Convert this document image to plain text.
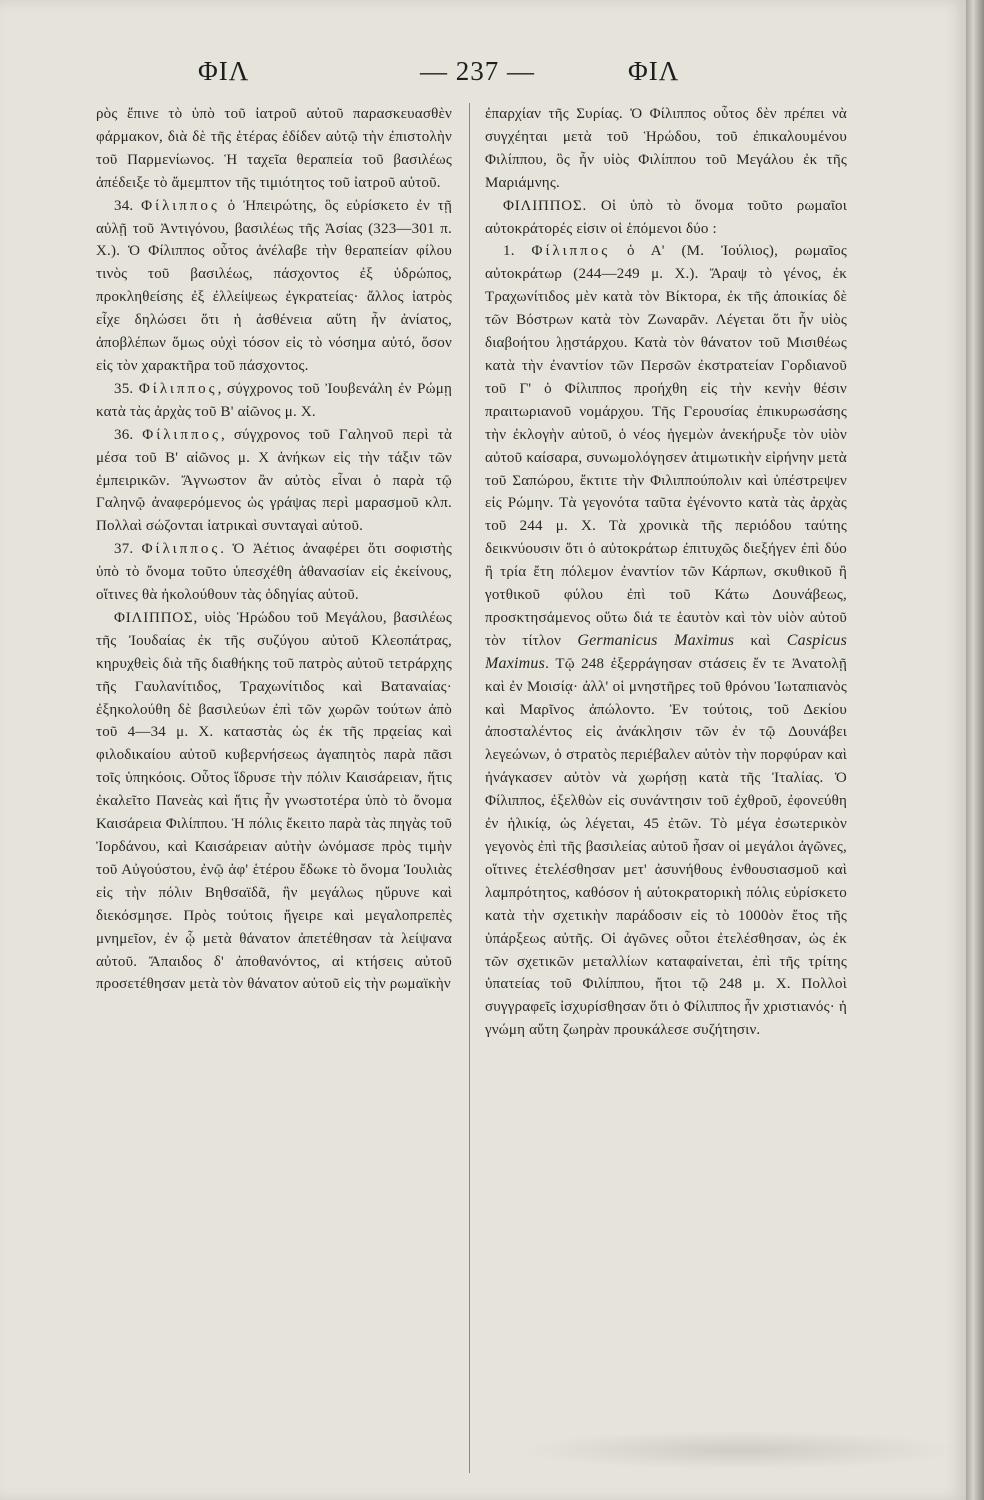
ΦΙΛ	— 237 —	ΦΙΛ

ρὸς ἔπινε τὸ ὑπὸ τοῦ ἰατροῦ αὐτοῦ παρασκευασθὲν φάρμακον, διὰ δὲ τῆς ἑτέρας ἐδίδεν αὐτῷ τὴν ἐπιστολὴν τοῦ Παρμενίωνος. Ἡ ταχεῖα θεραπεία τοῦ βασιλέως ἀπέδειξε τὸ ἄμεμπτον τῆς τιμιότητος τοῦ ἰατροῦ αὐτοῦ.

34. Φίλιππος ὁ Ἠπειρώτης, ὃς εὑρίσκετο ἐν τῇ αὐλῇ τοῦ Ἀντιγόνου, βασιλέως τῆς Ἀσίας (323—301 π. Χ.). Ὁ Φίλιππος οὗτος ἀνέλαβε τὴν θεραπείαν φίλου τινὸς τοῦ βασιλέως, πάσχοντος ἐξ ὑδρώπος, προκληθείσης ἐξ ἐλλείψεως ἐγκρατείας· ἄλλος ἰατρὸς εἶχε δηλώσει ὅτι ἡ ἀσθένεια αὕτη ἦν ἀνίατος, ἀποβλέπων ὅμως οὐχὶ τόσον εἰς τὸ νόσημα αὐτό, ὅσον εἰς τὸν χαρακτῆρα τοῦ πάσχοντος.

35. Φίλιππος, σύγχρονος τοῦ Ἰουβενάλη ἐν Ρώμῃ κατὰ τὰς ἀρχὰς τοῦ Β' αἰῶνος μ. Χ.

36. Φίλιππος, σύγχρονος τοῦ Γαληνοῦ περὶ τὰ μέσα τοῦ Β' αἰῶνος μ. Χ ἀνήκων εἰς τὴν τάξιν τῶν ἐμπειρικῶν. Ἄγνωστον ἂν αὐτὸς εἶναι ὁ παρὰ τῷ Γαληνῷ ἀναφερόμενος ὡς γράψας περὶ μαρασμοῦ κλπ. Πολλαὶ σώζονται ἰατρικαὶ συνταγαὶ αὐτοῦ.

37. Φίλιππος. Ὁ Ἀέτιος ἀναφέρει ὅτι σοφιστὴς ὑπὸ τὸ ὄνομα τοῦτο ὑπεσχέθη ἀθανασίαν εἰς ἐκείνους, οἵτινες θὰ ἠκολούθουν τὰς ὁδηγίας αὐτοῦ.

ΦΙΛΙΠΠΟΣ, υἱὸς Ἡρώδου τοῦ Μεγάλου, βασιλέως τῆς Ἰουδαίας ἐκ τῆς συζύγου αὐτοῦ Κλεοπάτρας, κηρυχθεὶς διὰ τῆς διαθήκης τοῦ πατρὸς αὐτοῦ τετράρχης τῆς Γαυλανίτιδος, Τραχωνίτιδος καὶ Βαταναίας· ἐξηκολούθη δὲ βασιλεύων ἐπὶ τῶν χωρῶν τούτων ἀπὸ τοῦ 4—34 μ. Χ. καταστὰς ὡς ἐκ τῆς πρᾳείας καὶ φιλοδικαίου αὐτοῦ κυβερνήσεως ἀγαπητὸς παρὰ πᾶσι τοῖς ὑπηκόοις. Οὗτος ἵδρυσε τὴν πόλιν Καισάρειαν, ἥτις ἐκαλεῖτο Πανεὰς καὶ ἥτις ἦν γνωστοτέρα ὑπὸ τὸ ὄνομα Καισάρεια Φιλίππου. Ἡ πόλις ἔκειτο παρὰ τὰς πηγὰς τοῦ Ἰορδάνου, καὶ Καισάρειαν αὐτὴν ὠνόμασε πρὸς τιμὴν τοῦ Αὐγούστου, ἐνῷ ἀφ' ἑτέρου ἔδωκε τὸ ὄνομα Ἰουλιὰς εἰς τὴν πόλιν Βηθσαϊδᾶ, ἣν μεγάλως ηὔρυνε καὶ διεκόσμησε. Πρὸς τούτοις ἤγειρε καὶ μεγαλοπρεπὲς μνημεῖον, ἐν ᾧ μετὰ θάνατον ἀπετέθησαν τὰ λείψανα αὐτοῦ. Ἄπαιδος δ' ἀποθανόντος, αἱ κτήσεις αὐτοῦ προσετέθησαν μετὰ τὸν θάνατον αὐτοῦ εἰς τὴν ρωμαϊκὴν

ἐπαρχίαν τῆς Συρίας. Ὁ Φίλιππος οὗτος δὲν πρέπει νὰ συγχέηται μετὰ τοῦ Ἡρώδου, τοῦ ἐπικαλουμένου Φιλίππου, ὃς ἦν υἱὸς Φιλίππου τοῦ Μεγάλου ἐκ τῆς Μαριάμνης.

ΦΙΛΙΠΠΟΣ. Οἱ ὑπὸ τὸ ὄνομα τοῦτο ρωμαῖοι αὐτοκράτορές εἰσιν οἱ ἑπόμενοι δύο :

1. Φίλιππος ὁ Α' (Μ. Ἰούλιος), ρωμαῖος αὐτοκράτωρ (244—249 μ. Χ.). Ἄραψ τὸ γένος, ἐκ Τραχωνίτιδος μὲν κατὰ τὸν Βίκτορα, ἐκ τῆς ἀποικίας δὲ τῶν Βόστρων κατὰ τὸν Ζωναρᾶν. Λέγεται ὅτι ἦν υἱὸς διαβοήτου λῃστάρχου. Κατὰ τὸν θάνατον τοῦ Μισιθέως κατὰ τὴν ἐναντίον τῶν Περσῶν ἐκστρατείαν Γορδιανοῦ τοῦ Γ' ὁ Φίλιππος προήχθη εἰς τὴν κενὴν θέσιν πραιτωριανοῦ νομάρχου. Τῆς Γερουσίας ἐπικυρωσάσης τὴν ἐκλογὴν αὐτοῦ, ὁ νέος ἡγεμὼν ἀνεκήρυξε τὸν υἱὸν αὐτοῦ καίσαρα, συνωμολόγησεν ἀτιμωτικὴν εἰρήνην μετὰ τοῦ Σαπώρου, ἔκτιτε τὴν Φιλιππούπολιν καὶ ὑπέστρεψεν εἰς Ρώμην. Τὰ γεγονότα ταῦτα ἐγένοντο κατὰ τὰς ἀρχὰς τοῦ 244 μ. Χ. Τὰ χρονικὰ τῆς περιόδου ταύτης δεικνύουσιν ὅτι ὁ αὐτοκράτωρ ἐπιτυχῶς διεξήγεν ἐπὶ δύο ἢ τρία ἔτη πόλεμον ἐναντίον τῶν Κάρπων, σκυθικοῦ ἢ γοτθικοῦ φύλου ἐπὶ τοῦ Κάτω Δουνάβεως, προσκτησάμενος οὕτω διά τε ἑαυτὸν καὶ τὸν υἱὸν αὐτοῦ τὸν τίτλον Germanicus Maximus καὶ Caspicus Maximus. Τῷ 248 ἐξερράγησαν στάσεις ἔν τε Ἀνατολῇ καὶ ἐν Μοισίᾳ· ἀλλ' οἱ μνηστῆρες τοῦ θρόνου Ἰωταπιανὸς καὶ Μαρῖνος ἀπώλοντο. Ἐν τούτοις, τοῦ Δεκίου ἀποσταλέντος εἰς ἀνάκλησιν τῶν ἐν τῷ Δουνάβει λεγεώνων, ὁ στρατὸς περιέβαλεν αὐτὸν τὴν πορφύραν καὶ ἠνάγκασεν αὐτὸν νὰ χωρήσῃ κατὰ τῆς Ἰταλίας. Ὁ Φίλιππος, ἐξελθὼν εἰς συνάντησιν τοῦ ἐχθροῦ, ἐφονεύθη ἐν ἡλικίᾳ, ὡς λέγεται, 45 ἐτῶν. Τὸ μέγα ἐσωτερικὸν γεγονὸς ἐπὶ τῆς βασιλείας αὐτοῦ ἦσαν οἱ μεγάλοι ἀγῶνες, οἵτινες ἐτελέσθησαν μετ' ἀσυνήθους ἐνθουσιασμοῦ καὶ λαμπρότητος, καθόσον ἡ αὐτοκρατορικὴ πόλις εὑρίσκετο κατὰ τὴν σχετικὴν παράδοσιν εἰς τὸ 1000ὸν ἔτος τῆς ὑπάρξεως αὐτῆς. Οἱ ἀγῶνες οὗτοι ἐτελέσθησαν, ὡς ἐκ τῶν σχετικῶν μεταλλίων καταφαίνεται, ἐπὶ τῆς τρίτης ὑπατείας τοῦ Φιλίππου, ἤτοι τῷ 248 μ. Χ. Πολλοὶ συγγραφεῖς ἰσχυρίσθησαν ὅτι ὁ Φίλιππος ἦν χριστιανός· ἡ γνώμη αὕτη ζωηρὰν προυκάλεσε συζήτησιν.
